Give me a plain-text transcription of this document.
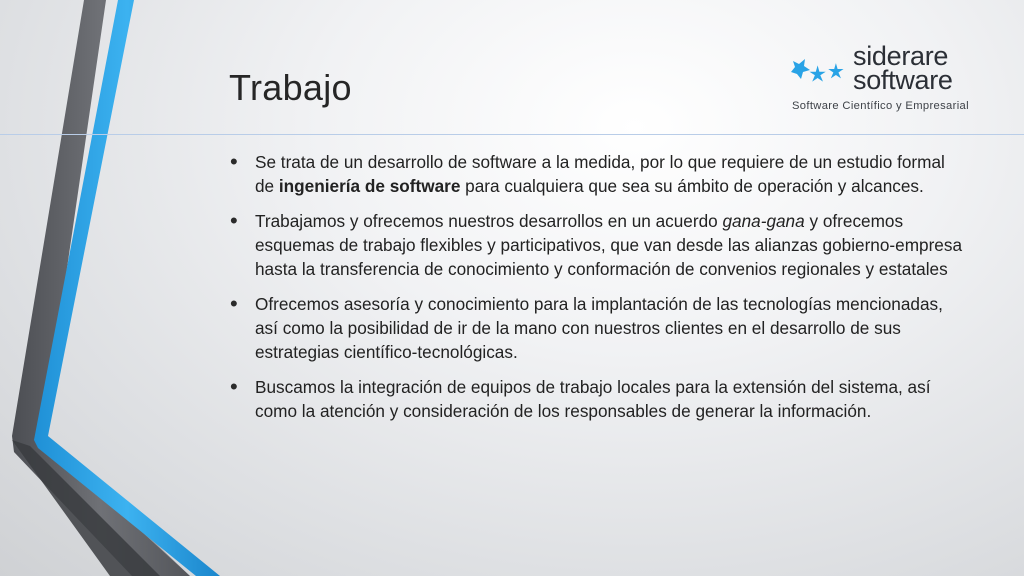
Trabajo
siderare
software
Software Científico y Empresarial
• Se trata de un desarrollo de software a la medida, por lo que requiere de un estudio formal de ingeniería de software para cualquiera que sea su ámbito de operación y alcances.
• Trabajamos y ofrecemos nuestros desarrollos en un acuerdo gana-gana y ofrecemos esquemas de trabajo flexibles y participativos, que van desde las alianzas gobierno-empresa hasta la transferencia de conocimiento y conformación de convenios regionales y estatales
• Ofrecemos asesoría y conocimiento para la implantación de las tecnologías mencionadas, así como la posibilidad de ir de la mano con nuestros clientes en el desarrollo de sus estrategias científico-tecnológicas.
• Buscamos la integración de equipos de trabajo locales para la extensión del sistema, así como la atención y consideración de los responsables de generar la información.
